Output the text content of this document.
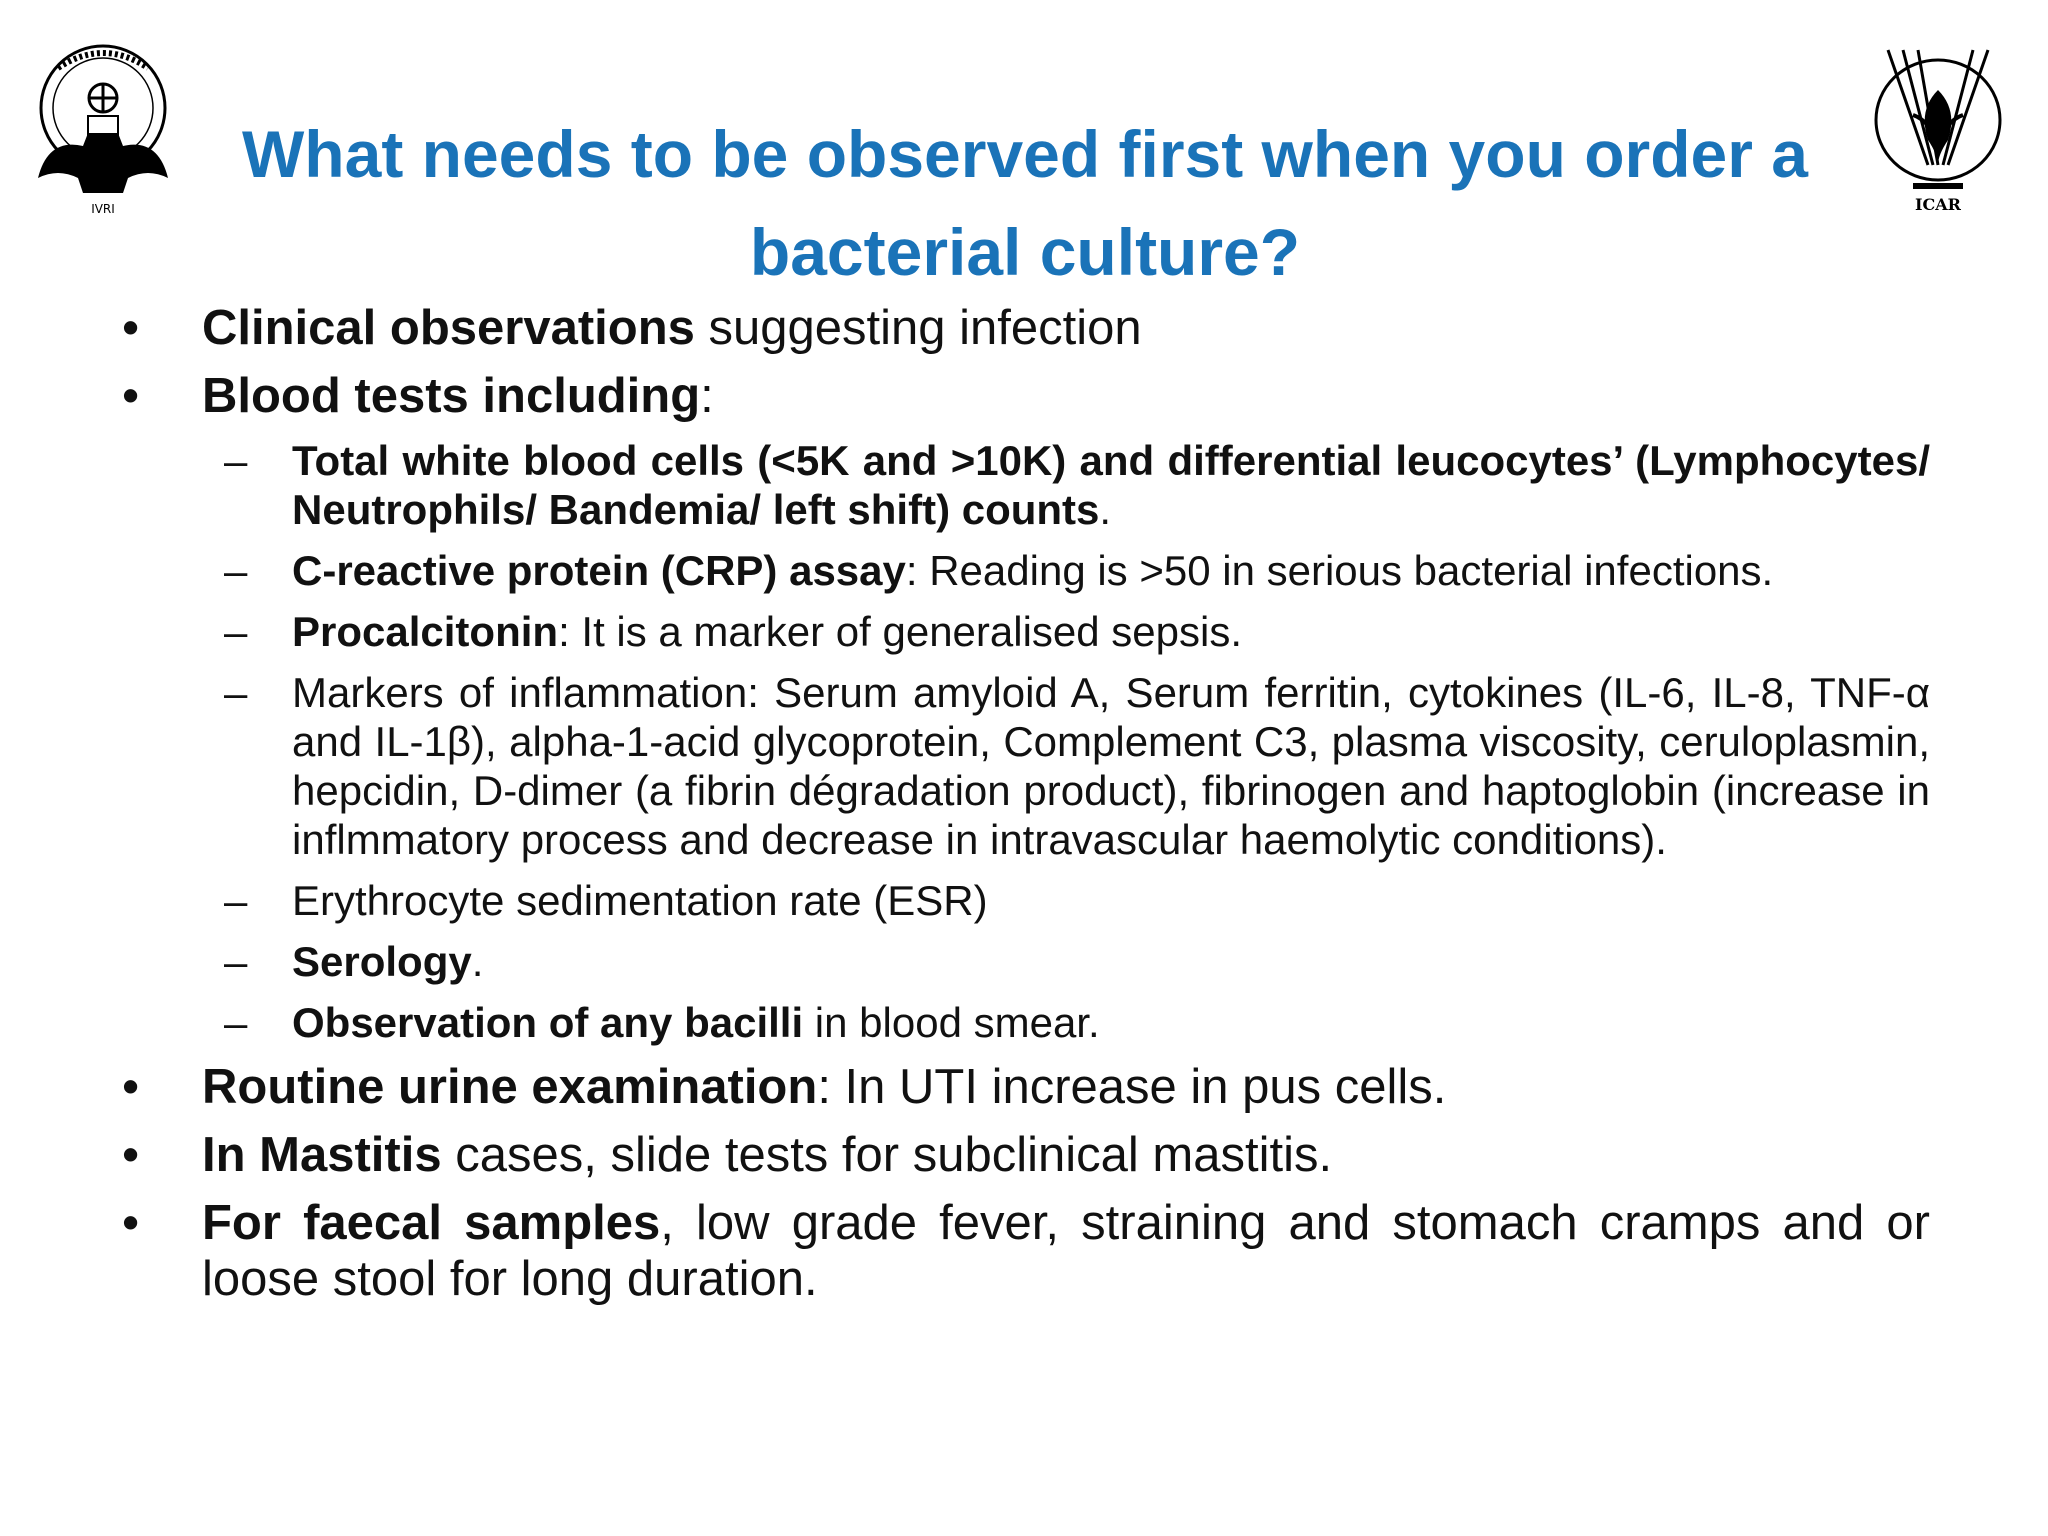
IVRI	ICAR
What needs to be observed first when you order a bacterial culture?
• Clinical observations suggesting infection
• Blood tests including:
– Total white blood cells (<5K and >10K) and differential leucocytes’ (Lymphocytes/ Neutrophils/ Bandemia/ left shift) counts.
– C-reactive protein (CRP) assay: Reading is >50 in serious bacterial infections.
– Procalcitonin: It is a marker of generalised sepsis.
– Markers of inflammation: Serum amyloid A, Serum ferritin, cytokines (IL-6, IL-8, TNF-α and IL-1β), alpha-1-acid glycoprotein, Complement C3, plasma viscosity, ceruloplasmin, hepcidin, D-dimer (a fibrin dégradation product), fibrinogen and haptoglobin (increase in inflmmatory process and decrease in intravascular haemolytic conditions).
– Erythrocyte sedimentation rate (ESR)
– Serology.
– Observation of any bacilli in blood smear.
• Routine urine examination: In UTI increase in pus cells.
• In Mastitis cases, slide tests for subclinical mastitis.
• For faecal samples, low grade fever, straining and stomach cramps and or loose stool for long duration.
